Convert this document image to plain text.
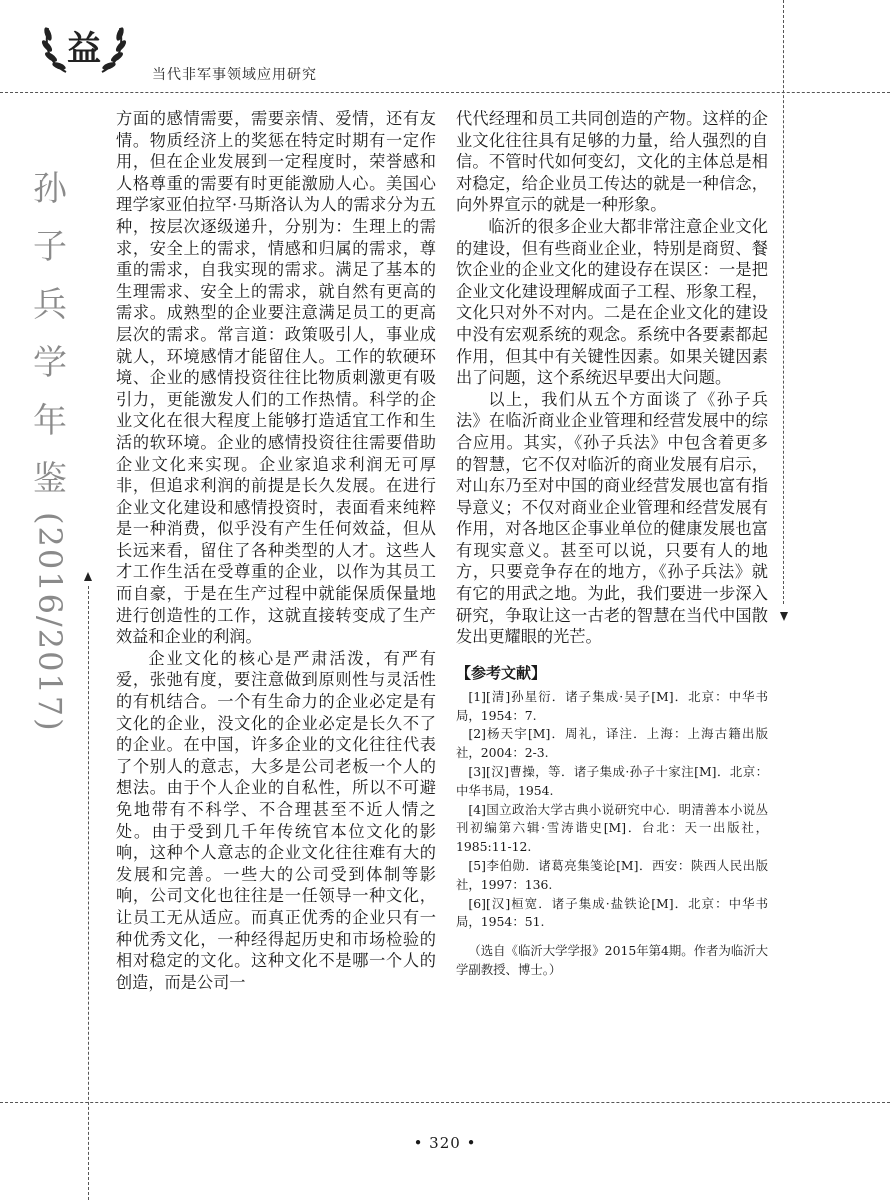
益
当代非军事领域应用研究
孙
子
兵
学
年
鉴
(2016/2017)

方面的感情需要，需要亲情、爱情，还有友情。物质经济上的奖惩在特定时期有一定作用，但在企业发展到一定程度时，荣誉感和人格尊重的需要有时更能激励人心。美国心理学家亚伯拉罕·马斯洛认为人的需求分为五种，按层次逐级递升，分别为：生理上的需求，安全上的需求，情感和归属的需求，尊重的需求，自我实现的需求。满足了基本的生理需求、安全上的需求，就自然有更高的需求。成熟型的企业要注意满足员工的更高层次的需求。常言道：政策吸引人，事业成就人，环境感情才能留住人。工作的软硬环境、企业的感情投资往往比物质刺激更有吸引力，更能激发人们的工作热情。科学的企业文化在很大程度上能够打造适宜工作和生活的软环境。企业的感情投资往往需要借助企业文化来实现。企业家追求利润无可厚非，但追求利润的前提是长久发展。在进行企业文化建设和感情投资时，表面看来纯粹是一种消费，似乎没有产生任何效益，但从长远来看，留住了各种类型的人才。这些人才工作生活在受尊重的企业，以作为其员工而自豪，于是在生产过程中就能保质保量地进行创造性的工作，这就直接转变成了生产效益和企业的利润。

企业文化的核心是严肃活泼，有严有爱，张弛有度，要注意做到原则性与灵活性的有机结合。一个有生命力的企业必定是有文化的企业，没文化的企业必定是长久不了的企业。在中国，许多企业的文化往往代表了个别人的意志，大多是公司老板一个人的想法。由于个人企业的自私性，所以不可避免地带有不科学、不合理甚至不近人情之处。由于受到几千年传统官本位文化的影响，这种个人意志的企业文化往往难有大的发展和完善。一些大的公司受到体制等影响，公司文化也往往是一任领导一种文化，让员工无从适应。而真正优秀的企业只有一种优秀文化，一种经得起历史和市场检验的相对稳定的文化。这种文化不是哪一个人的创造，而是公司一

代代经理和员工共同创造的产物。这样的企业文化往往具有足够的力量，给人强烈的自信。不管时代如何变幻，文化的主体总是相对稳定，给企业员工传达的就是一种信念，向外界宣示的就是一种形象。

临沂的很多企业大都非常注意企业文化的建设，但有些商业企业，特别是商贸、餐饮企业的企业文化的建设存在误区：一是把企业文化建设理解成面子工程、形象工程，文化只对外不对内。二是在企业文化的建设中没有宏观系统的观念。系统中各要素都起作用，但其中有关键性因素。如果关键因素出了问题，这个系统迟早要出大问题。

以上，我们从五个方面谈了《孙子兵法》在临沂商业企业管理和经营发展中的综合应用。其实，《孙子兵法》中包含着更多的智慧，它不仅对临沂的商业发展有启示，对山东乃至对中国的商业经营发展也富有指导意义；不仅对商业企业管理和经营发展有作用，对各地区企事业单位的健康发展也富有现实意义。甚至可以说，只要有人的地方，只要竞争存在的地方，《孙子兵法》就有它的用武之地。为此，我们要进一步深入研究，争取让这一古老的智慧在当代中国散发出更耀眼的光芒。

【参考文献】

[1][清]孙星衍．诸子集成·吴子[M]．北京：中华书局，1954：7.

[2]杨天宇[M]．周礼，译注．上海：上海古籍出版社，2004：2-3.

[3][汉]曹操，等．诸子集成·孙子十家注[M]．北京：中华书局，1954.

[4]国立政治大学古典小说研究中心．明清善本小说丛刊初编第六辑·雪涛谐史[M]．台北：天一出版社，1985:11-12.

[5]李伯勋．诸葛亮集笺论[M]．西安：陕西人民出版社，1997：136.

[6][汉]桓宽．诸子集成·盐铁论[M]．北京：中华书局，1954：51.

（选自《临沂大学学报》2015年第4期。作者为临沂大学副教授、博士。）
• 320 •
